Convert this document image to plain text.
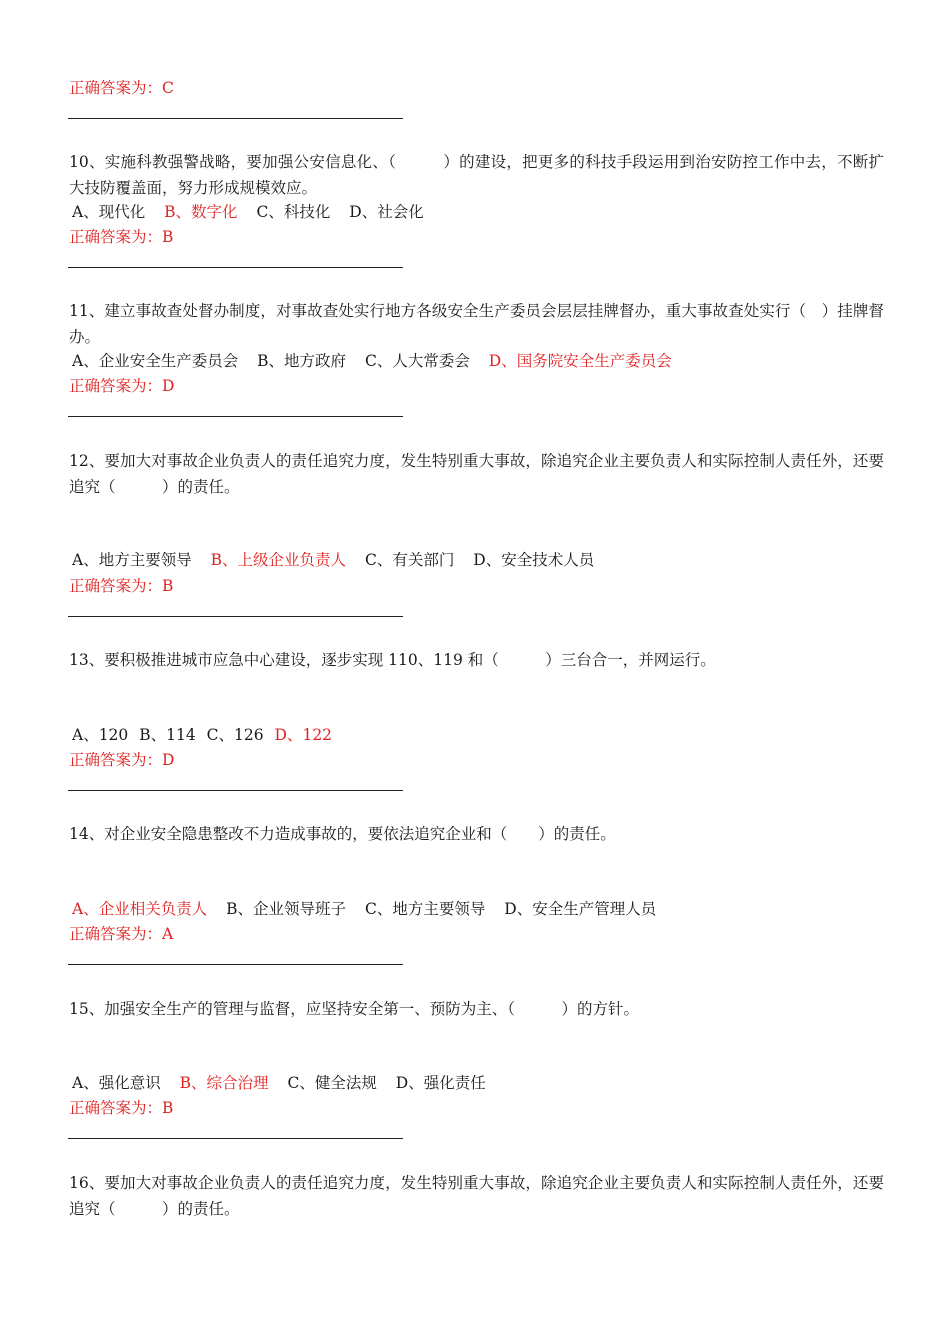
正确答案为：C
10、实施科教强警战略，要加强公安信息化、（　　　）的建设，把更多的科技手段运用到治安防控工作中去，不断扩大技防覆盖面，努力形成规模效应。
A、现代化 B、数字化 C、科技化 D、社会化
正确答案为：B
11、建立事故查处督办制度，对事故查处实行地方各级安全生产委员会层层挂牌督办，重大事故查处实行（　）挂牌督办。
A、企业安全生产委员会 B、地方政府 C、人大常委会 D、国务院安全生产委员会
正确答案为：D
12、要加大对事故企业负责人的责任追究力度，发生特别重大事故，除追究企业主要负责人和实际控制人责任外，还要追究（　　　）的责任。
A、地方主要领导 B、上级企业负责人 C、有关部门 D、安全技术人员
正确答案为：B
13、要积极推进城市应急中心建设，逐步实现 110、119 和（　　　）三台合一，并网运行。
A、120 B、114 C、126 D、122
正确答案为：D
14、对企业安全隐患整改不力造成事故的，要依法追究企业和（　　）的责任。
A、企业相关负责人 B、企业领导班子 C、地方主要领导 D、安全生产管理人员
正确答案为：A
15、加强安全生产的管理与监督，应坚持安全第一、预防为主、（　　　）的方针。
A、强化意识 B、综合治理 C、健全法规 D、强化责任
正确答案为：B
16、要加大对事故企业负责人的责任追究力度，发生特别重大事故，除追究企业主要负责人和实际控制人责任外，还要追究（　　　）的责任。
